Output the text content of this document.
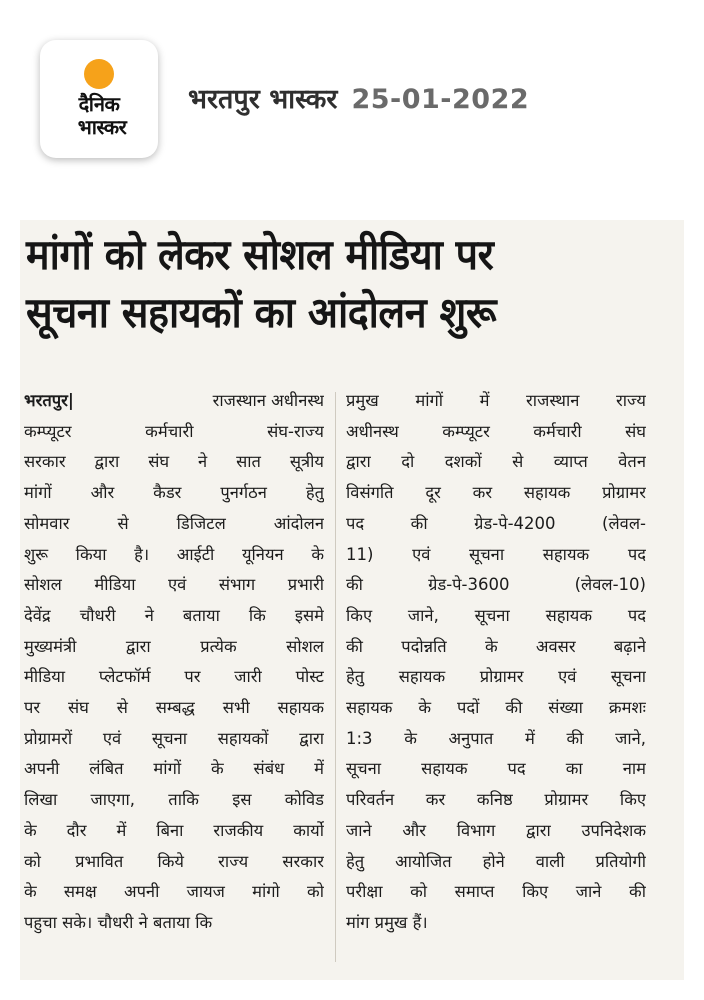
दैनिक
भास्कर
भरतपुर भास्कर 25-01-2022
मांगों को लेकर सोशल मीडिया पर
सूचना सहायकों का आंदोलन शुरू
भरतपुर|	राजस्थान अधीनस्थ
कम्प्यूटर कर्मचारी संघ-राज्य
सरकार द्वारा संघ ने सात सूत्रीय
मांगों और कैडर पुनर्गठन हेतु
सोमवार से डिजिटल आंदोलन
शुरू किया है। आईटी यूनियन के
सोशल मीडिया एवं संभाग प्रभारी
देवेंद्र चौधरी ने बताया कि इसमे
मुख्यमंत्री द्वारा प्रत्येक सोशल
मीडिया प्लेटफॉर्म पर जारी पोस्ट
पर संघ से सम्बद्ध सभी सहायक
प्रोग्रामरों एवं सूचना सहायकों द्वारा
अपनी लंबित मांगों के संबंध में
लिखा जाएगा, ताकि इस कोविड
के दौर में बिना राजकीय कार्यो
को प्रभावित किये राज्य सरकार
के समक्ष अपनी जायज मांगो को
पहुचा सके। चौधरी ने बताया कि
प्रमुख मांगों में राजस्थान राज्य
अधीनस्थ कम्प्यूटर कर्मचारी संघ
द्वारा दो दशकों से व्याप्त वेतन
विसंगति दूर कर सहायक प्रोग्रामर
पद की ग्रेड-पे-4200 (लेवल-
11) एवं सूचना सहायक पद
की ग्रेड-पे-3600 (लेवल-10)
किए जाने, सूचना सहायक पद
की पदोन्नति के अवसर बढ़ाने
हेतु सहायक प्रोग्रामर एवं सूचना
सहायक के पदों की संख्या क्रमशः
1:3 के अनुपात में की जाने,
सूचना सहायक पद का नाम
परिवर्तन कर कनिष्ठ प्रोग्रामर किए
जाने और विभाग द्वारा उपनिदेशक
हेतु आयोजित होने वाली प्रतियोगी
परीक्षा को समाप्त किए जाने की
मांग प्रमुख हैं।
